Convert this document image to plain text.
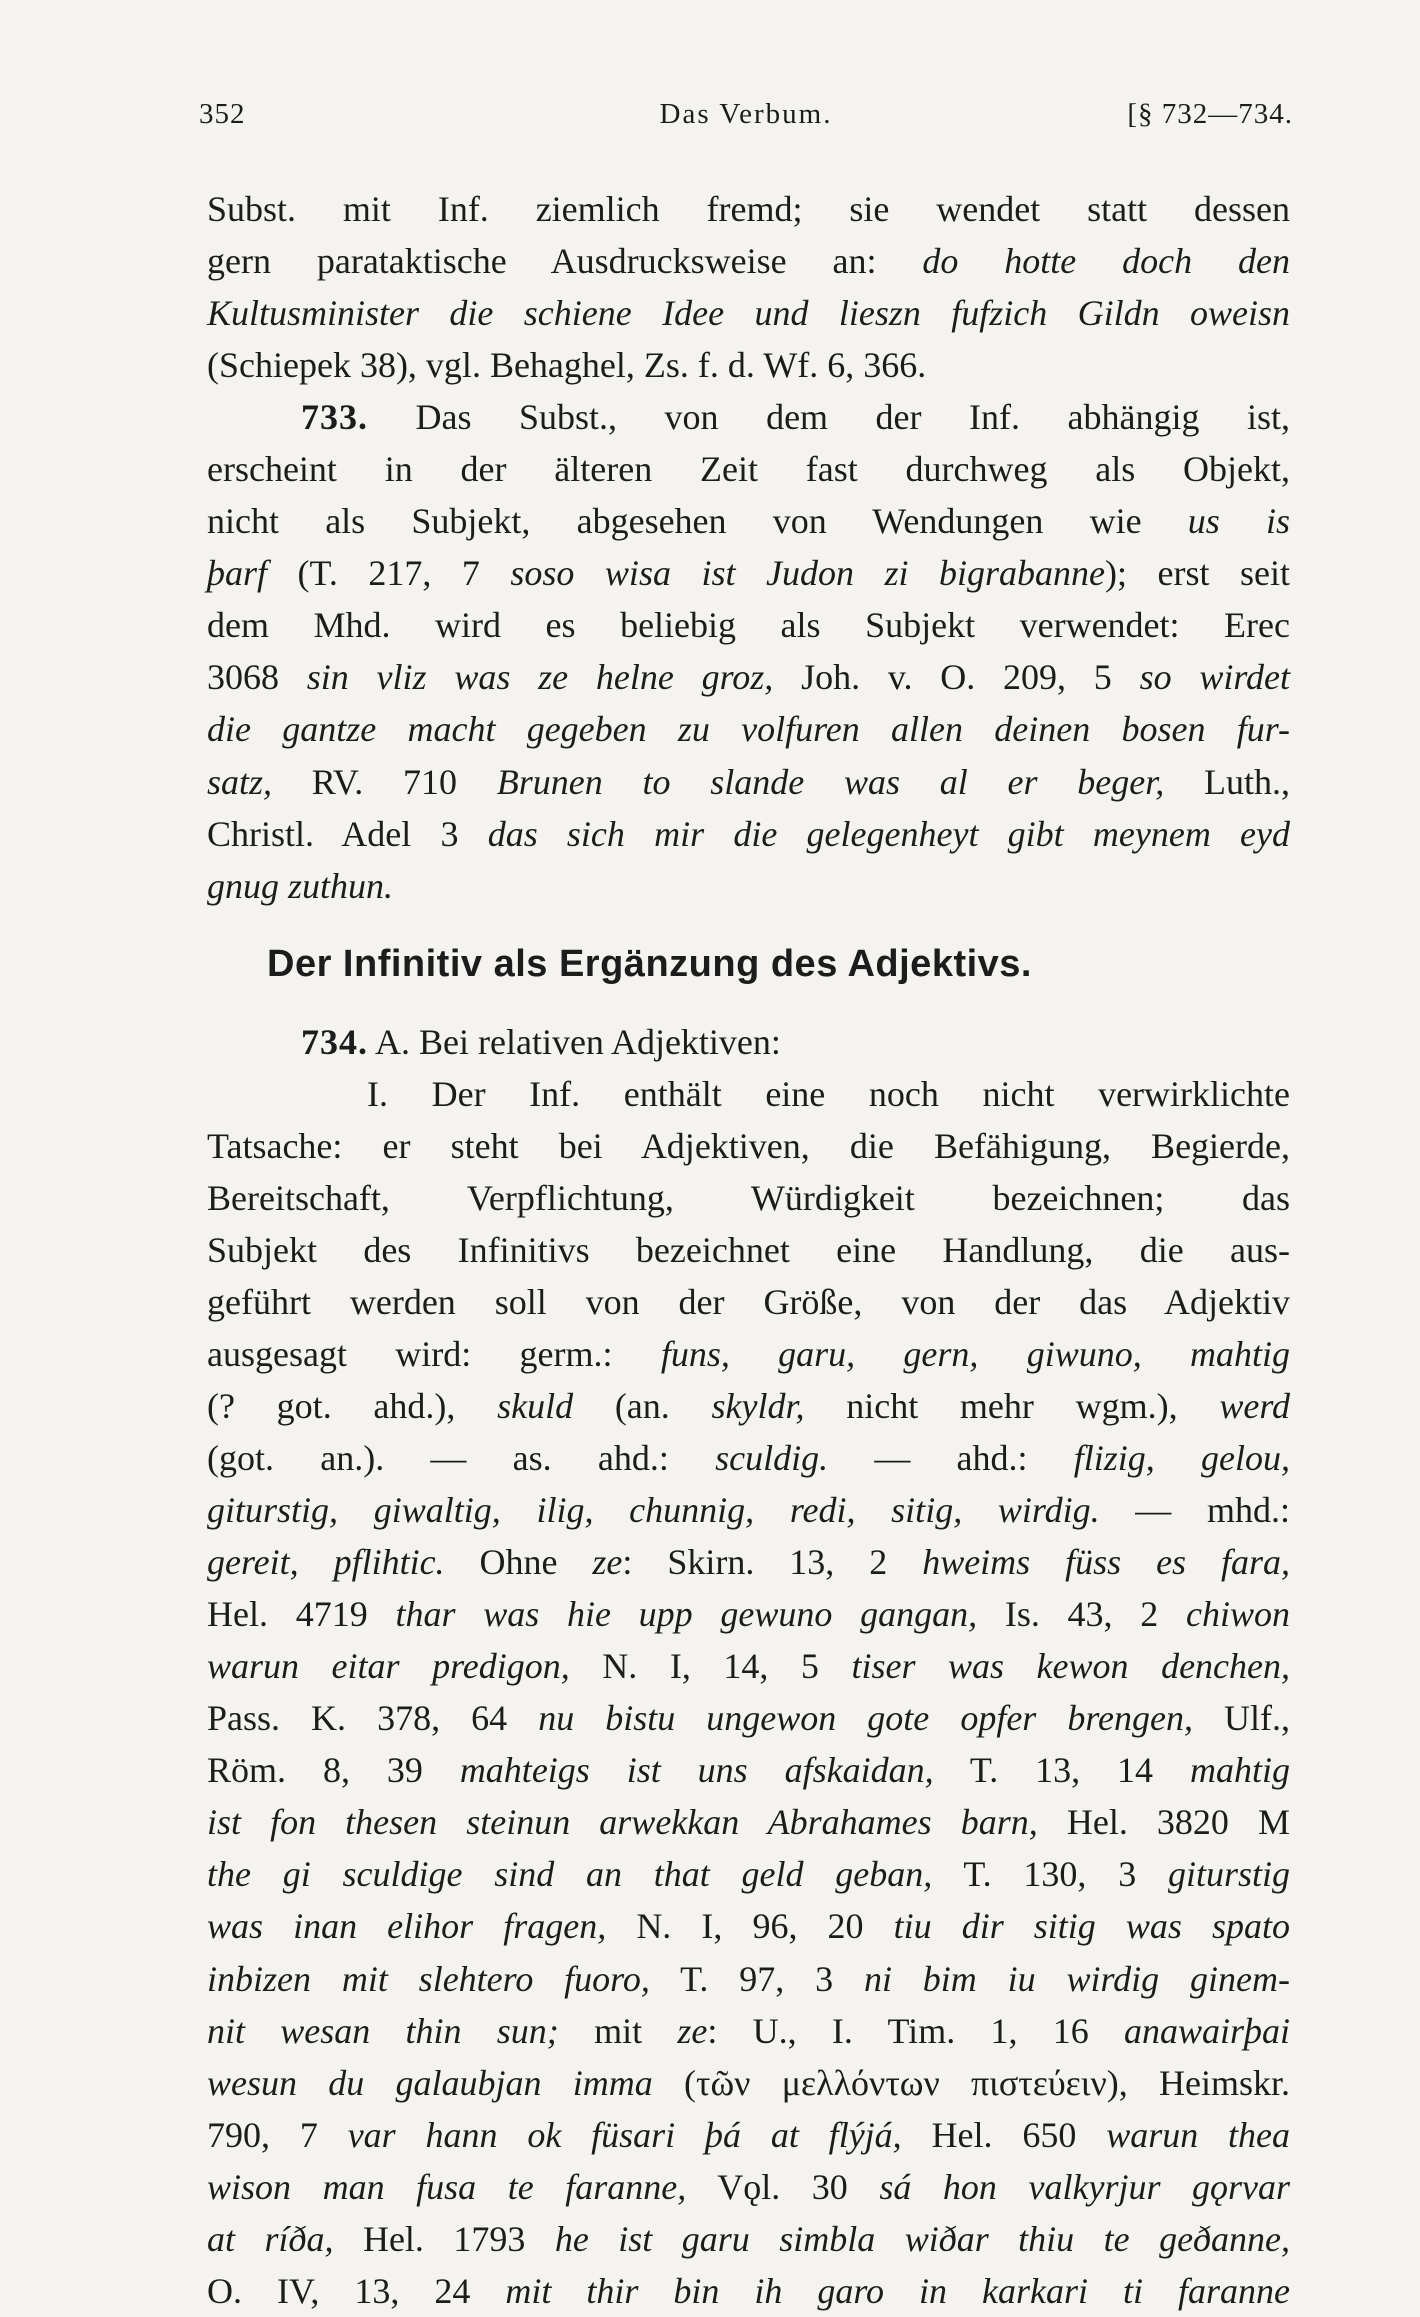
352	Das Verbum.	[§ 732—734.
Subst. mit Inf. ziemlich fremd; sie wendet statt dessen
gern parataktische Ausdrucksweise an: do hotte doch den
Kultusminister die schiene Idee und lieszn fufzich Gildn oweisn
(Schiepek 38), vgl. Behaghel, Zs. f. d. Wf. 6, 366.
733. Das Subst., von dem der Inf. abhängig ist,
erscheint in der älteren Zeit fast durchweg als Objekt,
nicht als Subjekt, abgesehen von Wendungen wie us is
þarf (T. 217, 7 soso wisa ist Judon zi bigrabanne); erst seit
dem Mhd. wird es beliebig als Subjekt verwendet: Erec
3068 sin vliz was ze helne groz, Joh. v. O. 209, 5 so wirdet
die gantze macht gegeben zu volfuren allen deinen bosen fur-
satz, RV. 710 Brunen to slande was al er beger, Luth.,
Christl. Adel 3 das sich mir die gelegenheyt gibt meynem eyd
gnug zuthun.
Der Infinitiv als Ergänzung des Adjektivs.
734. A. Bei relativen Adjektiven:
I. Der Inf. enthält eine noch nicht verwirklichte
Tatsache: er steht bei Adjektiven, die Befähigung, Begierde,
Bereitschaft, Verpflichtung, Würdigkeit bezeichnen; das
Subjekt des Infinitivs bezeichnet eine Handlung, die aus-
geführt werden soll von der Größe, von der das Adjektiv
ausgesagt wird: germ.: funs, garu, gern, giwuno, mahtig
(? got. ahd.), skuld (an. skyldr, nicht mehr wgm.), werd
(got. an.). — as. ahd.: sculdig. — ahd.: flizig, gelou,
giturstig, giwaltig, ilig, chunnig, redi, sitig, wirdig. — mhd.:
gereit, pflihtic. Ohne ze: Skirn. 13, 2 hweims füss es fara,
Hel. 4719 thar was hie upp gewuno gangan, Is. 43, 2 chiwon
warun eitar predigon, N. I, 14, 5 tiser was kewon denchen,
Pass. K. 378, 64 nu bistu ungewon gote opfer brengen, Ulf.,
Röm. 8, 39 mahteigs ist uns afskaidan, T. 13, 14 mahtig
ist fon thesen steinun arwekkan Abrahames barn, Hel. 3820 M
the gi sculdige sind an that geld geban, T. 130, 3 giturstig
was inan elihor fragen, N. I, 96, 20 tiu dir sitig was spato
inbizen mit slehtero fuoro, T. 97, 3 ni bim iu wirdig ginem-
nit wesan thin sun; mit ze: U., I. Tim. 1, 16 anawairþai
wesun du galaubjan imma (τῶν μελλόντων πιστεύειν), Heimskr.
790, 7 var hann ok füsari þá at flýjá, Hel. 650 warun thea
wison man fusa te faranne, Vǫl. 30 sá hon valkyrjur gǫrvar
at ríða, Hel. 1793 he ist garu simbla wiðar thiu te geðanne,
O. IV, 13, 24 mit thir bin ih garo in karkari ti faranne
